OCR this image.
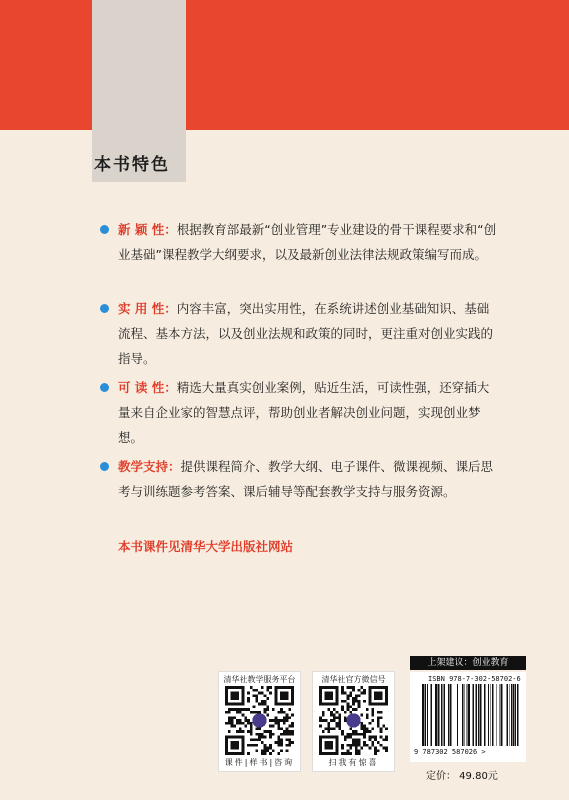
本书特色
新 颖 性：根据教育部最新“创业管理”专业建设的骨干课程要求和“创业基础”课程教学大纲要求，以及最新创业法律法规政策编写而成。
实 用 性：内容丰富，突出实用性，在系统讲述创业基础知识、基础流程、基本方法，以及创业法规和政策的同时，更注重对创业实践的指导。
可 读 性：精选大量真实创业案例，贴近生活，可读性强，还穿插大量来自企业家的智慧点评，帮助创业者解决创业问题，实现创业梦想。
教学支持：提供课程简介、教学大纲、电子课件、微课视频、课后思考与训练题参考答案、课后辅导等配套教学支持与服务资源。
本书课件见清华大学出版社网站
清华社教学服务平台
课件|样书|咨询
清华社官方微信号
扫我有惊喜
上架建议：创业教育
ISBN 978-7-302-58702-6
9 787302 587026 >
定价： 49.80元
